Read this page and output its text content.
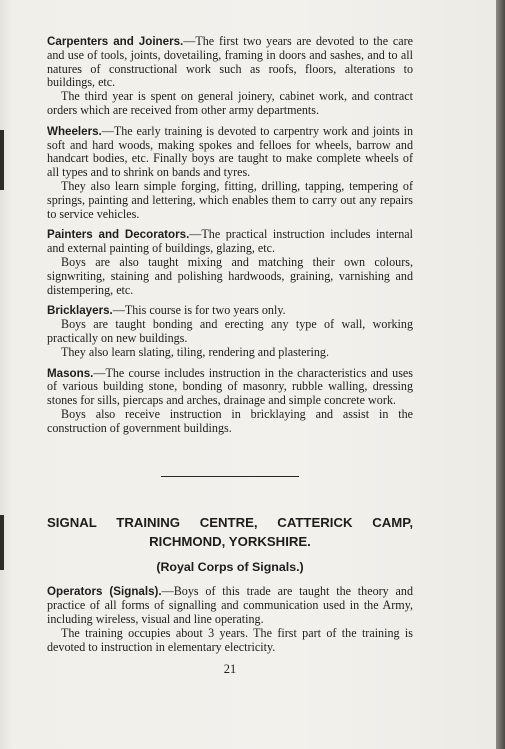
Carpenters and Joiners.—The first two years are devoted to the care and use of tools, joints, dovetailing, framing in doors and sashes, and to all natures of constructional work such as roofs, floors, alterations to buildings, etc.

The third year is spent on general joinery, cabinet work, and contract orders which are received from other army departments.

Wheelers.—The early training is devoted to carpentry work and joints in soft and hard woods, making spokes and felloes for wheels, barrow and handcart bodies, etc. Finally boys are taught to make complete wheels of all types and to shrink on bands and tyres.

They also learn simple forging, fitting, drilling, tapping, tempering of springs, painting and lettering, which enables them to carry out any repairs to service vehicles.

Painters and Decorators.—The practical instruction includes internal and external painting of buildings, glazing, etc.

Boys are also taught mixing and matching their own colours, signwriting, staining and polishing hardwoods, graining, varnishing and distempering, etc.

Bricklayers.—This course is for two years only.

Boys are taught bonding and erecting any type of wall, working practically on new buildings.

They also learn slating, tiling, rendering and plastering.

Masons.—The course includes instruction in the characteristics and uses of various building stone, bonding of masonry, rubble walling, dressing stones for sills, piercaps and arches, drainage and simple concrete work.

Boys also receive instruction in bricklaying and assist in the construction of government buildings.

SIGNAL TRAINING CENTRE, CATTERICK CAMP,
RICHMOND, YORKSHIRE.
(Royal Corps of Signals.)

Operators (Signals).—Boys of this trade are taught the theory and practice of all forms of signalling and communication used in the Army, including wireless, visual and line operating.

The training occupies about 3 years. The first part of the training is devoted to instruction in elementary electricity.

21
